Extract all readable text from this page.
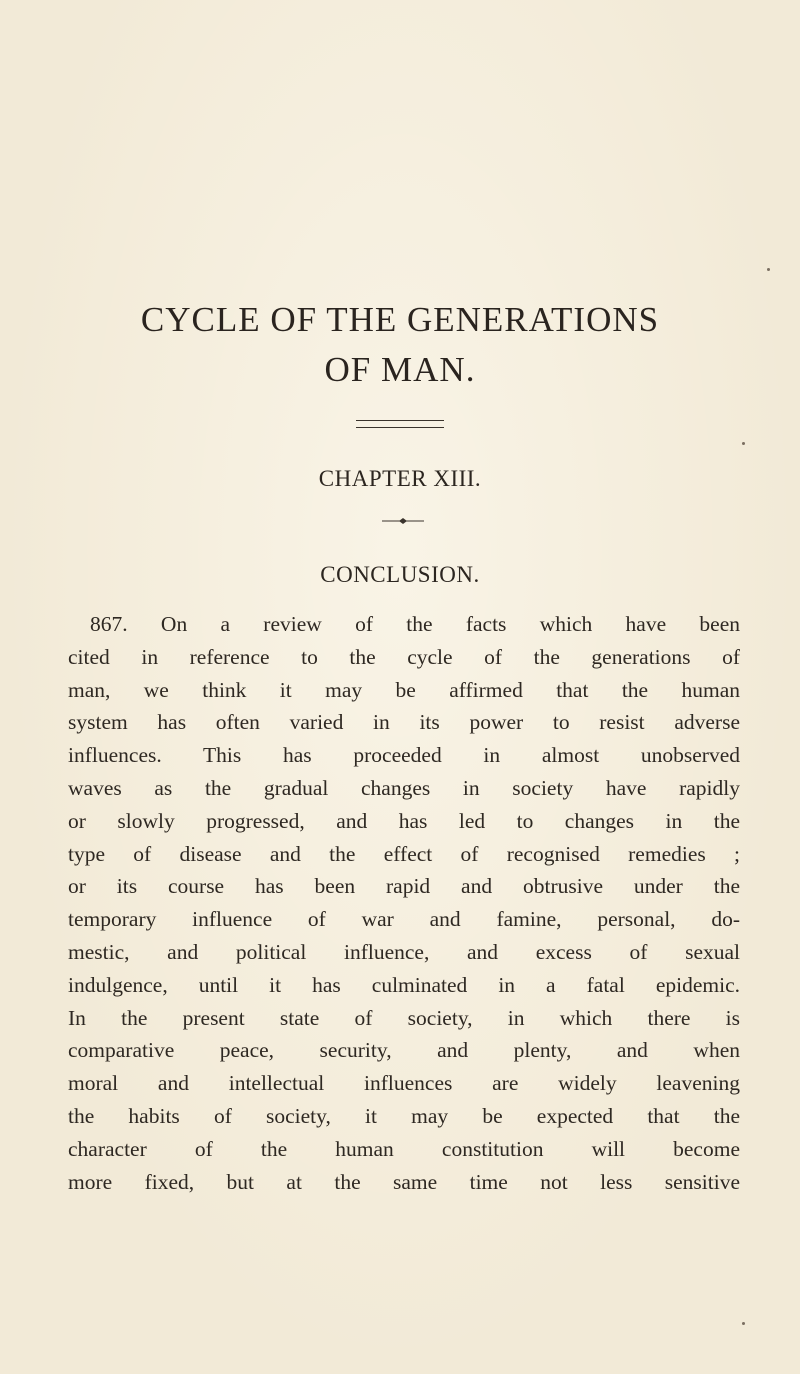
CYCLE OF THE GENERATIONS
OF MAN.
CHAPTER XIII.
CONCLUSION.
867. On a review of the facts which have been
cited in reference to the cycle of the generations of
man, we think it may be affirmed that the human
system has often varied in its power to resist adverse
influences. This has proceeded in almost unobserved
waves as the gradual changes in society have rapidly
or slowly progressed, and has led to changes in the
type of disease and the effect of recognised remedies ;
or its course has been rapid and obtrusive under the
temporary influence of war and famine, personal, do-
mestic, and political influence, and excess of sexual
indulgence, until it has culminated in a fatal epidemic.
In the present state of society, in which there is
comparative peace, security, and plenty, and when
moral and intellectual influences are widely leavening
the habits of society, it may be expected that the
character of the human constitution will become
more fixed, but at the same time not less sensitive
